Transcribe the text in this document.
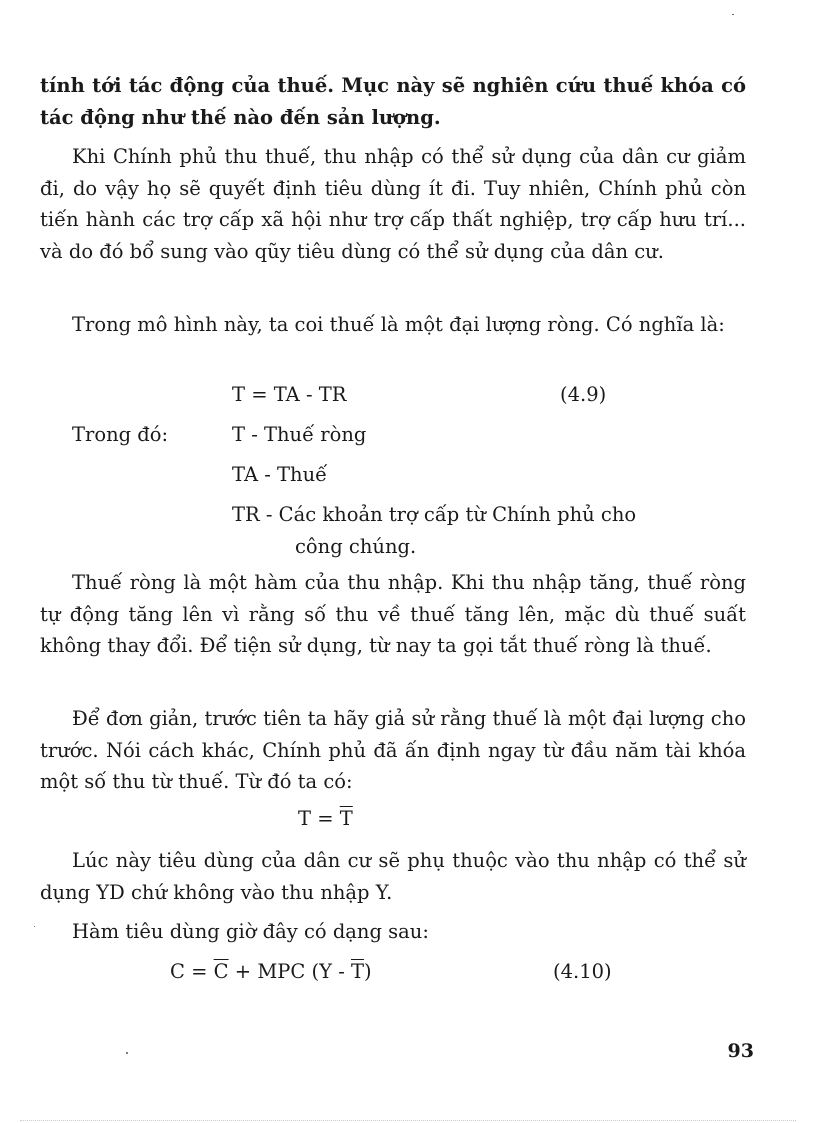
tính tới tác động của thuế. Mục này sẽ nghiên cứu thuế khóa có tác động như thế nào đến sản lượng.

Khi Chính phủ thu thuế, thu nhập có thể sử dụng của dân cư giảm đi, do vậy họ sẽ quyết định tiêu dùng ít đi. Tuy nhiên, Chính phủ còn tiến hành các trợ cấp xã hội như trợ cấp thất nghiệp, trợ cấp hưu trí... và do đó bổ sung vào qũy tiêu dùng có thể sử dụng của dân cư.

Trong mô hình này, ta coi thuế là một đại lượng ròng. Có nghĩa là:

T = TA - TR	(4.9)
Trong đó:	T - Thuế ròng
TA - Thuế
TR - Các khoản trợ cấp từ Chính phủ cho
công chúng.

Thuế ròng là một hàm của thu nhập. Khi thu nhập tăng, thuế ròng tự động tăng lên vì rằng số thu về thuế tăng lên, mặc dù thuế suất không thay đổi. Để tiện sử dụng, từ nay ta gọi tắt thuế ròng là thuế.

Để đơn giản, trước tiên ta hãy giả sử rằng thuế là một đại lượng cho trước. Nói cách khác, Chính phủ đã ấn định ngay từ đầu năm tài khóa một số thu từ thuế. Từ đó ta có:

$T = \overline{T}$

Lúc này tiêu dùng của dân cư sẽ phụ thuộc vào thu nhập có thể sử dụng YD chứ không vào thu nhập Y.

Hàm tiêu dùng giờ đây có dạng sau:

$C = \overline{C}$ + MPC $(Y - \overline{T})$	(4.10)
93
